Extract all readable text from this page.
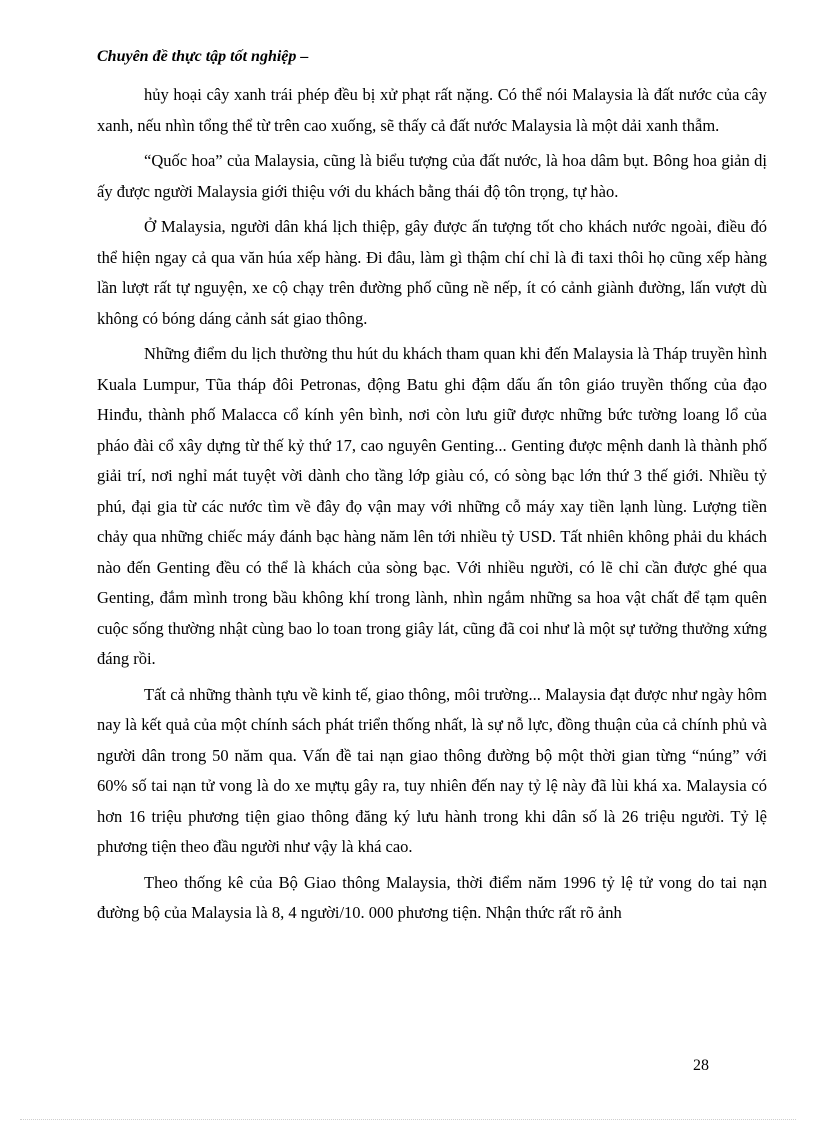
Chuyên đề thực tập tốt nghiệp –

hủy hoại cây xanh trái phép đều bị xử phạt rất nặng. Có thể nói Malaysia là đất nước của cây xanh, nếu nhìn tổng thể từ trên cao xuống, sẽ thấy cả đất nước Malaysia là một dải xanh thẫm.

“Quốc hoa” của Malaysia, cũng là biểu tượng của đất nước, là hoa dâm bụt. Bông hoa giản dị ấy được người Malaysia giới thiệu với du khách bằng thái độ tôn trọng, tự hào.

Ở Malaysia, người dân khá lịch thiệp, gây được ấn tượng tốt cho khách nước ngoài, điều đó thể hiện ngay cả qua văn húa xếp hàng. Đi đâu, làm gì thậm chí chỉ là đi taxi thôi họ cũng xếp hàng lần lượt rất tự nguyện, xe cộ chạy trên đường phố cũng nề nếp, ít có cảnh giành đường, lấn vượt dù không có bóng dáng cảnh sát giao thông.

Những điểm du lịch thường thu hút du khách tham quan khi đến Malaysia là Tháp truyền hình Kuala Lumpur, Tũa tháp đôi Petronas, động Batu ghi đậm dấu ấn tôn giáo truyền thống của đạo Hinđu, thành phố Malacca cổ kính yên bình, nơi còn lưu giữ được những bức tường loang lổ của pháo đài cổ xây dựng từ thế kỷ thứ 17, cao nguyên Genting... Genting được mệnh danh là thành phố giải trí, nơi nghỉ mát tuyệt vời dành cho tầng lớp giàu có, có sòng bạc lớn thứ 3 thế giới. Nhiều tỷ phú, đại gia từ các nước tìm về đây đọ vận may với những cỗ máy xay tiền lạnh lùng. Lượng tiền chảy qua những chiếc máy đánh bạc hàng năm lên tới nhiều tỷ USD. Tất nhiên không phải du khách nào đến Genting đều có thể là khách của sòng bạc. Với nhiều người, có lẽ chỉ cần được ghé qua Genting, đắm mình trong bầu không khí trong lành, nhìn ngắm những sa hoa vật chất để tạm quên cuộc sống thường nhật cùng bao lo toan trong giây lát, cũng đã coi như là một sự tưởng thưởng xứng đáng rồi.

Tất cả những thành tựu về kinh tế, giao thông, môi trường... Malaysia đạt được như ngày hôm nay là kết quả của một chính sách phát triển thống nhất, là sự nỗ lực, đồng thuận của cả chính phủ và người dân trong 50 năm qua. Vấn đề tai nạn giao thông đường bộ một thời gian từng “núng” với 60% số tai nạn tử vong là do xe mựtụ gây ra, tuy nhiên đến nay tỷ lệ này đã lùi khá xa. Malaysia có hơn 16 triệu phương tiện giao thông đăng ký lưu hành trong khi dân số là 26 triệu người. Tỷ lệ phương tiện theo đầu người như vậy là khá cao.

Theo thống kê của Bộ Giao thông Malaysia, thời điểm năm 1996 tỷ lệ tử vong do tai nạn đường bộ của Malaysia là 8, 4 người/10. 000 phương tiện. Nhận thức rất rõ ảnh

28
